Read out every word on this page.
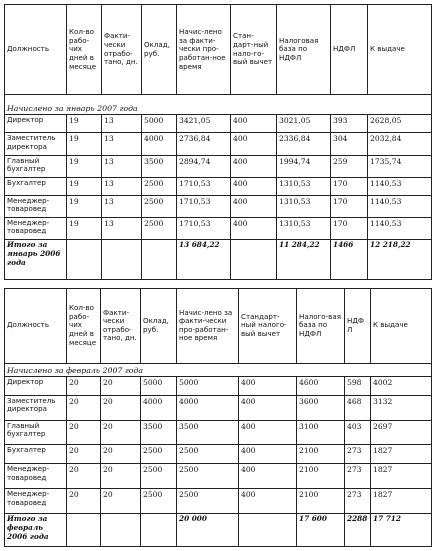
Должность	Кол-во рабо-чих дней в месяце	Факти-чески отрабо-тано, дн.	Оклад, руб.	Начис-лено за факти-чески про-работан-ное время	Стан-дарт-ный нало-го-вый вычет	Налоговая база по НДФЛ	НДФЛ	К выдаче
Начислено за январь 2007 года								
Директор	19	13	5000	3421,05	400	3021,05	393	2628,05
Заместитель директора	19	13	4000	2736,84	400	2336,84	304	2032,84
Главный бухгалтер	19	13	3500	2894,74	400	1994,74	259	1735,74
Бухгалтер	19	13	2500	1710,53	400	1310,53	170	1140,53
Менеджер-товаровед	19	13	2500	1710,53	400	1310,53	170	1140,53
Менеджер-товаровед	19	13	2500	1710,53	400	1310,53	170	1140,53
Итого за январь 2006 года				13 684,22		11 284,22	1466	12 218,22
Должность	Кол-во рабо-чих дней в месяце	Факти-чески отрабо-тано, дн.	Оклад, руб.	Начис-лено за факти-чески про-работан-ное время	Стандарт-ный налого-вый вычет	Налого-вая база по НДФЛ	НДФЛ	К выдаче
Начислено за февраль 2007 года								
Директор	20	20	5000	5000	400	4600	598	4002
Заместитель директора	20	20	4000	4000	400	3600	468	3132
Главный бухгалтер	20	20	3500	3500	400	3100	403	2697
Бухгалтер	20	20	2500	2500	400	2100	273	1827
Менеджер-товаровед	20	20	2500	2500	400	2100	273	1827
Менеджер-товаровед	20	20	2500	2500	400	2100	273	1827
Итого за февраль 2006 года				20 000		17 600	2288	17 712
